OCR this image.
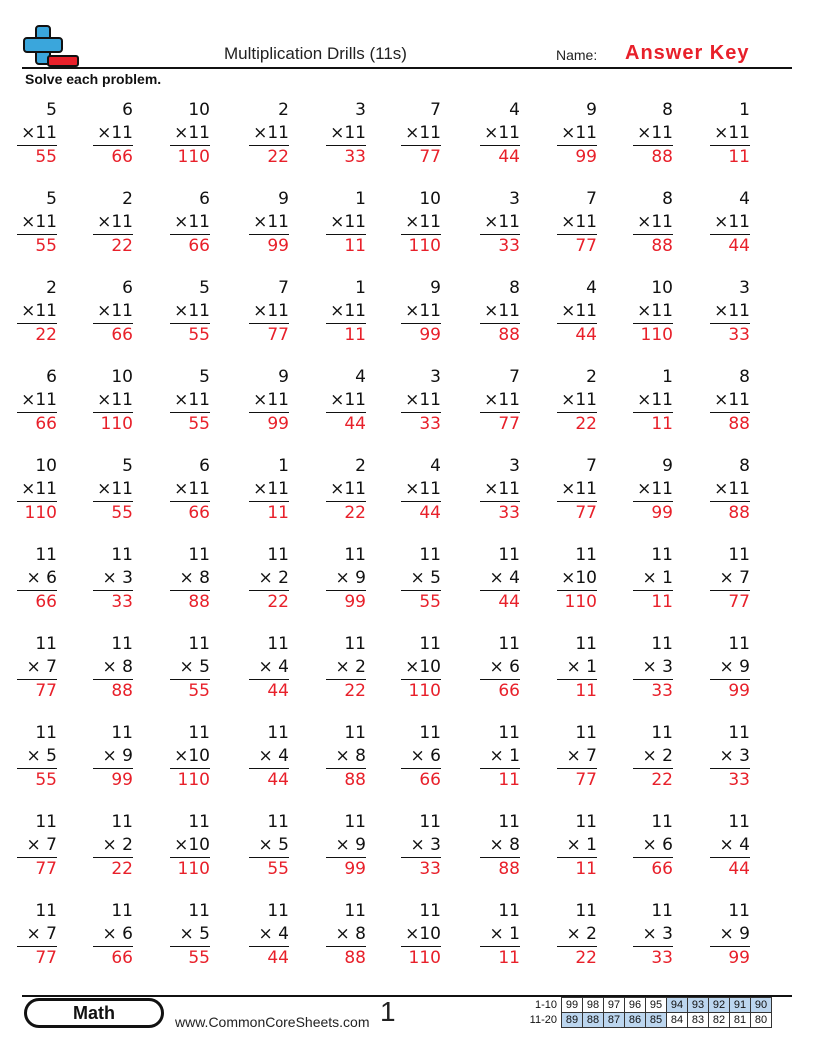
Multiplication Drills (11s)	Name: Answer Key
Solve each problem.
5
×11
55
6
×11
66
10
×11
110
2
×11
22
3
×11
33
7
×11
77
4
×11
44
9
×11
99
8
×11
88
1
×11
11
5
×11
55
2
×11
22
6
×11
66
9
×11
99
1
×11
11
10
×11
110
3
×11
33
7
×11
77
8
×11
88
4
×11
44
2
×11
22
6
×11
66
5
×11
55
7
×11
77
1
×11
11
9
×11
99
8
×11
88
4
×11
44
10
×11
110
3
×11
33
6
×11
66
10
×11
110
5
×11
55
9
×11
99
4
×11
44
3
×11
33
7
×11
77
2
×11
22
1
×11
11
8
×11
88
10
×11
110
5
×11
55
6
×11
66
1
×11
11
2
×11
22
4
×11
44
3
×11
33
7
×11
77
9
×11
99
8
×11
88
11
× 6
66
11
× 3
33
11
× 8
88
11
× 2
22
11
× 9
99
11
× 5
55
11
× 4
44
11
×10
110
11
× 1
11
11
× 7
77
11
× 7
77
11
× 8
88
11
× 5
55
11
× 4
44
11
× 2
22
11
×10
110
11
× 6
66
11
× 1
11
11
× 3
33
11
× 9
99
11
× 5
55
11
× 9
99
11
×10
110
11
× 4
44
11
× 8
88
11
× 6
66
11
× 1
11
11
× 7
77
11
× 2
22
11
× 3
33
11
× 7
77
11
× 2
22
11
×10
110
11
× 5
55
11
× 9
99
11
× 3
33
11
× 8
88
11
× 1
11
11
× 6
66
11
× 4
44
11
× 7
77
11
× 6
66
11
× 5
55
11
× 4
44
11
× 8
88
11
×10
110
11
× 1
11
11
× 2
22
11
× 3
33
11
× 9
99
Math	www.CommonCoreSheets.com 1	1-10	99	98	97	96	95	94	93	92	91	90
11-20	89	88	87	86	85	84	83	82	81	80
